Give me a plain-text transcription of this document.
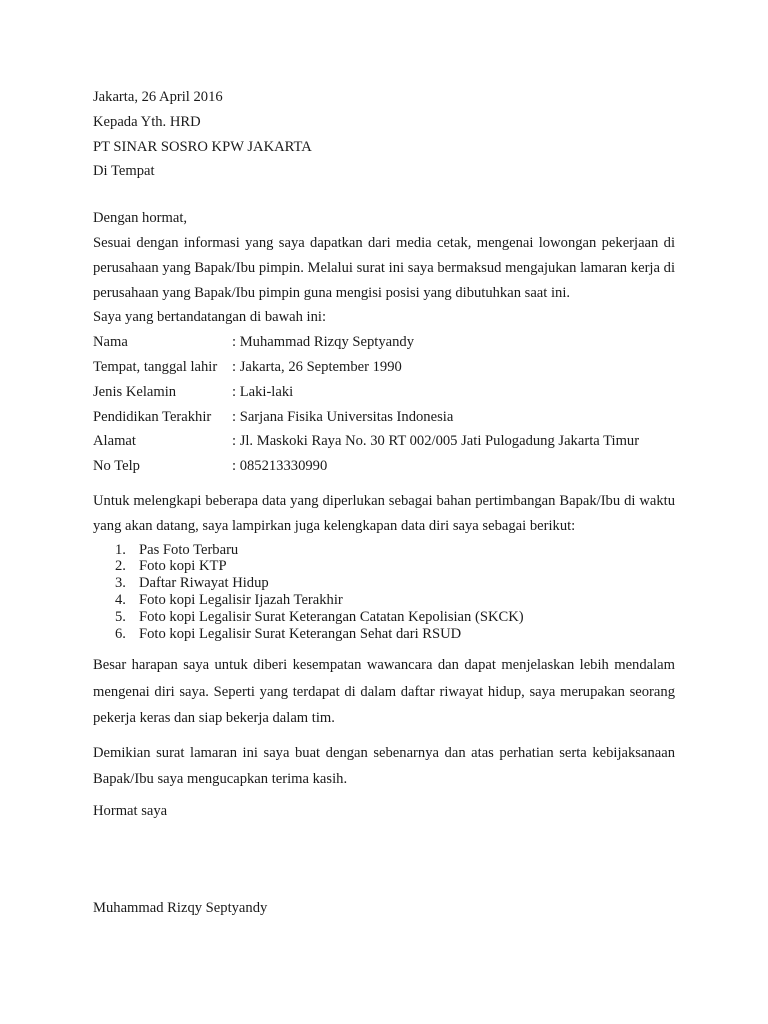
Jakarta, 26 April 2016
Kepada Yth. HRD
PT SINAR SOSRO KPW JAKARTA
Di Tempat
Dengan hormat,
Sesuai dengan informasi yang saya dapatkan dari media cetak, mengenai lowongan pekerjaan di perusahaan yang Bapak/Ibu pimpin. Melalui surat ini saya bermaksud mengajukan lamaran kerja di perusahaan yang Bapak/Ibu pimpin guna mengisi posisi yang dibutuhkan saat ini.
Saya yang bertandatangan di bawah ini:
Nama	: Muhammad Rizqy Septyandy
Tempat, tanggal lahir	: Jakarta, 26 September 1990
Jenis Kelamin	: Laki-laki
Pendidikan Terakhir	: Sarjana Fisika Universitas Indonesia
Alamat	: Jl. Maskoki Raya No. 30 RT 002/005 Jati Pulogadung Jakarta Timur
No Telp	: 085213330990
Untuk melengkapi beberapa data yang diperlukan sebagai bahan pertimbangan Bapak/Ibu di waktu yang akan datang, saya lampirkan juga kelengkapan data diri saya sebagai berikut:
Pas Foto Terbaru
Foto kopi KTP
Daftar Riwayat Hidup
Foto kopi Legalisir Ijazah Terakhir
Foto kopi Legalisir Surat Keterangan Catatan Kepolisian (SKCK)
Foto kopi Legalisir Surat Keterangan Sehat dari RSUD
Besar harapan saya untuk diberi kesempatan wawancara dan dapat menjelaskan lebih mendalam mengenai diri saya. Seperti yang terdapat di dalam daftar riwayat hidup, saya merupakan seorang pekerja keras dan siap bekerja dalam tim.
Demikian surat lamaran ini saya buat dengan sebenarnya dan atas perhatian serta kebijaksanaan Bapak/Ibu saya mengucapkan terima kasih.
Hormat saya
Muhammad Rizqy Septyandy
